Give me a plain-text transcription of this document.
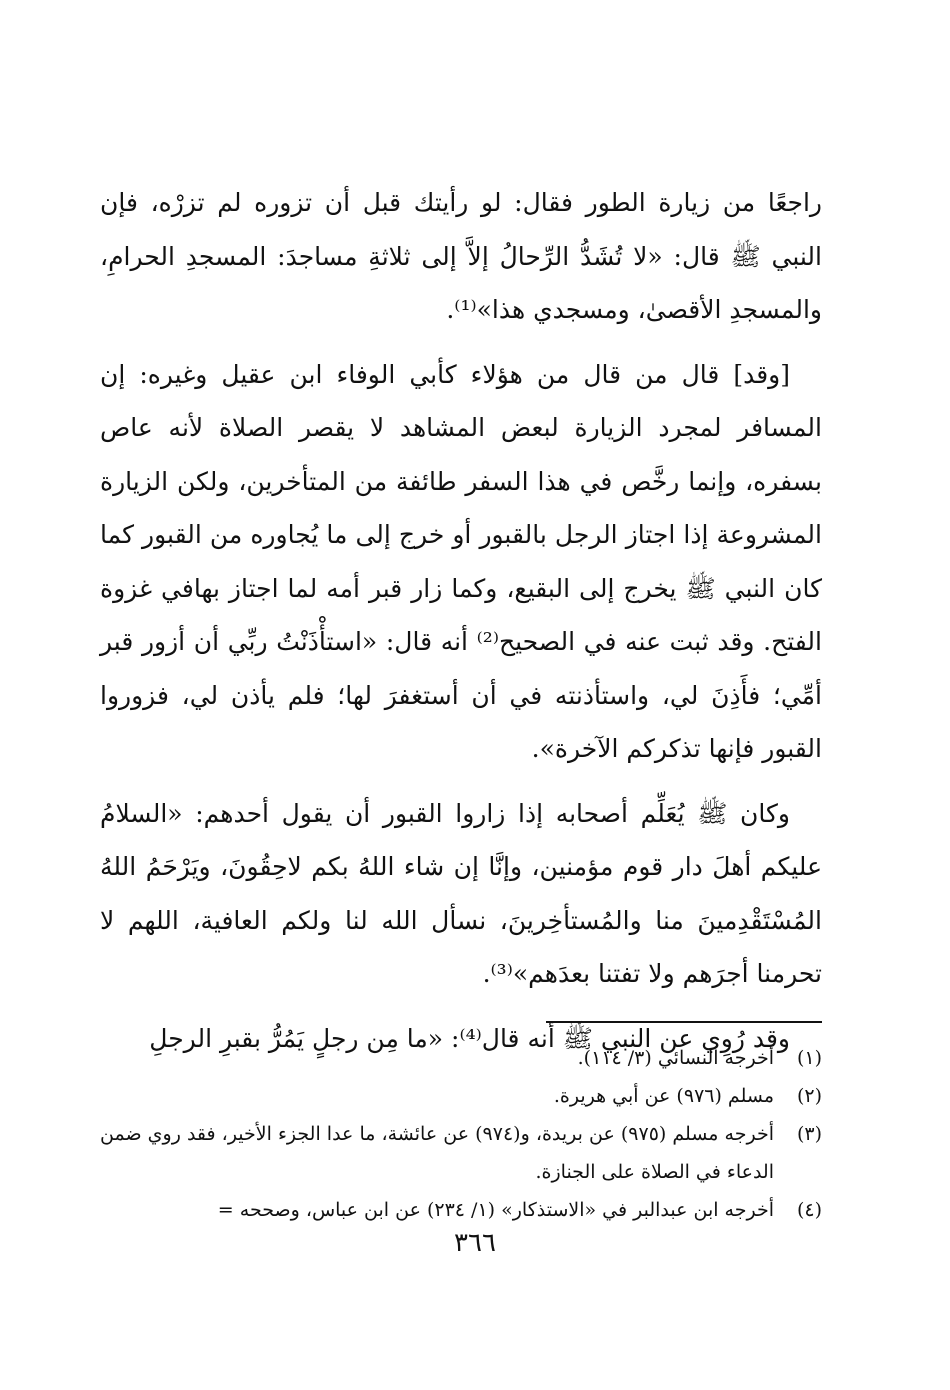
راجعًا من زيارة الطور فقال: لو رأيتك قبل أن تزوره لم تزرْه، فإن النبي ﷺ قال: «لا تُشَدُّ الرِّحالُ إلاَّ إلى ثلاثةِ مساجدَ: المسجدِ الحرامِ، والمسجدِ الأقصىٰ، ومسجدي هذا»⁽¹⁾.

[وقد] قال من قال من هؤلاء كأبي الوفاء ابن عقيل وغيره: إن المسافر لمجرد الزيارة لبعض المشاهد لا يقصر الصلاة لأنه عاص بسفره، وإنما رخَّص في هذا السفر طائفة من المتأخرين، ولكن الزيارة المشروعة إذا اجتاز الرجل بالقبور أو خرج إلى ما يُجاوره من القبور كما كان النبي ﷺ يخرج إلى البقيع، وكما زار قبر أمه لما اجتاز بهافي غزوة الفتح. وقد ثبت عنه في الصحيح⁽²⁾ أنه قال: «استأْذَنْتُ ربِّي أن أزور قبر أمِّي؛ فأَذِنَ لي، واستأذنته في أن أستغفرَ لها؛ فلم يأذن لي، فزوروا القبور فإنها تذكركم الآخرة».

وكان ﷺ يُعَلِّم أصحابه إذا زاروا القبور أن يقول أحدهم: «السلامُ عليكم أهلَ دار قوم مؤمنين، وإنَّا إن شاء اللهُ بكم لاحِقُونَ، ويَرْحَمُ اللهُ المُسْتَقْدِمينَ منا والمُستأخِرينَ، نسأل الله لنا ولكم العافية، اللهم لا تحرمنا أجرَهم ولا تفتنا بعدَهم»⁽³⁾.

وقد رُوِي عن النبي ﷺ أنه قال⁽⁴⁾: «ما مِن رجلٍ يَمُرُّ بقبرِ الرجلِ

(١)
أخرجه النسائي (٣/ ١١٤).
(٢)
مسلم (٩٧٦) عن أبي هريرة.
(٣)
أخرجه مسلم (٩٧٥) عن بريدة، و(٩٧٤) عن عائشة، ما عدا الجزء الأخير، فقد روي ضمن الدعاء في الصلاة على الجنازة.
(٤)
أخرجه ابن عبدالبر في «الاستذكار» (١/ ٢٣٤) عن ابن عباس، وصححه =
٣٦٦
